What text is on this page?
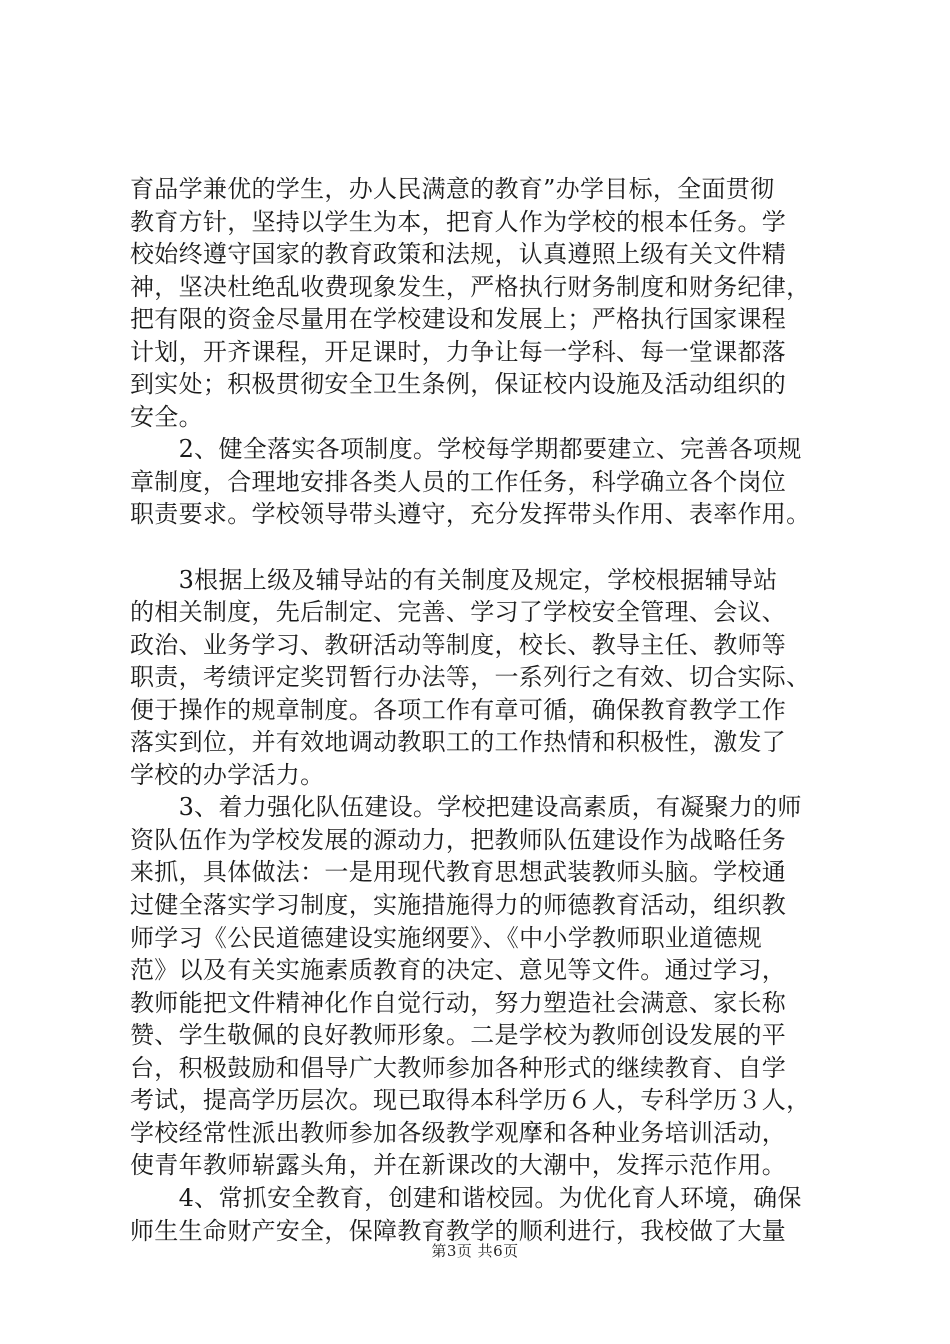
育品学兼优的学生，办人民满意的教育”办学目标，全面贯彻
教育方针，坚持以学生为本，把育人作为学校的根本任务。学
校始终遵守国家的教育政策和法规，认真遵照上级有关文件精
神，坚决杜绝乱收费现象发生，严格执行财务制度和财务纪律，
把有限的资金尽量用在学校建设和发展上；严格执行国家课程
计划，开齐课程，开足课时，力争让每一学科、每一堂课都落
到实处；积极贯彻安全卫生条例，保证校内设施及活动组织的
安全。
　　2、健全落实各项制度。学校每学期都要建立、完善各项规
章制度，合理地安排各类人员的工作任务，科学确立各个岗位
职责要求。学校领导带头遵守，充分发挥带头作用、表率作用。
　　3根据上级及辅导站的有关制度及规定，学校根据辅导站
的相关制度，先后制定、完善、学习了学校安全管理、会议、
政治、业务学习、教研活动等制度，校长、教导主任、教师等
职责，考绩评定奖罚暂行办法等，一系列行之有效、切合实际、
便于操作的规章制度。各项工作有章可循，确保教育教学工作
落实到位，并有效地调动教职工的工作热情和积极性，激发了
学校的办学活力。
　　3、着力强化队伍建设。学校把建设高素质，有凝聚力的师
资队伍作为学校发展的源动力，把教师队伍建设作为战略任务
来抓，具体做法：一是用现代教育思想武装教师头脑。学校通
过健全落实学习制度，实施措施得力的师德教育活动，组织教
师学习《公民道德建设实施纲要》、《中小学教师职业道德规
范》以及有关实施素质教育的决定、意见等文件。通过学习，
教师能把文件精神化作自觉行动，努力塑造社会满意、家长称
赞、学生敬佩的良好教师形象。二是学校为教师创设发展的平
台，积极鼓励和倡导广大教师参加各种形式的继续教育、自学
考试，提高学历层次。现已取得本科学历６人，专科学历３人，
学校经常性派出教师参加各级教学观摩和各种业务培训活动，
使青年教师崭露头角，并在新课改的大潮中，发挥示范作用。
　　4、常抓安全教育，创建和谐校园。为优化育人环境，确保
师生生命财产安全，保障教育教学的顺利进行，我校做了大量
第3页 共6页
